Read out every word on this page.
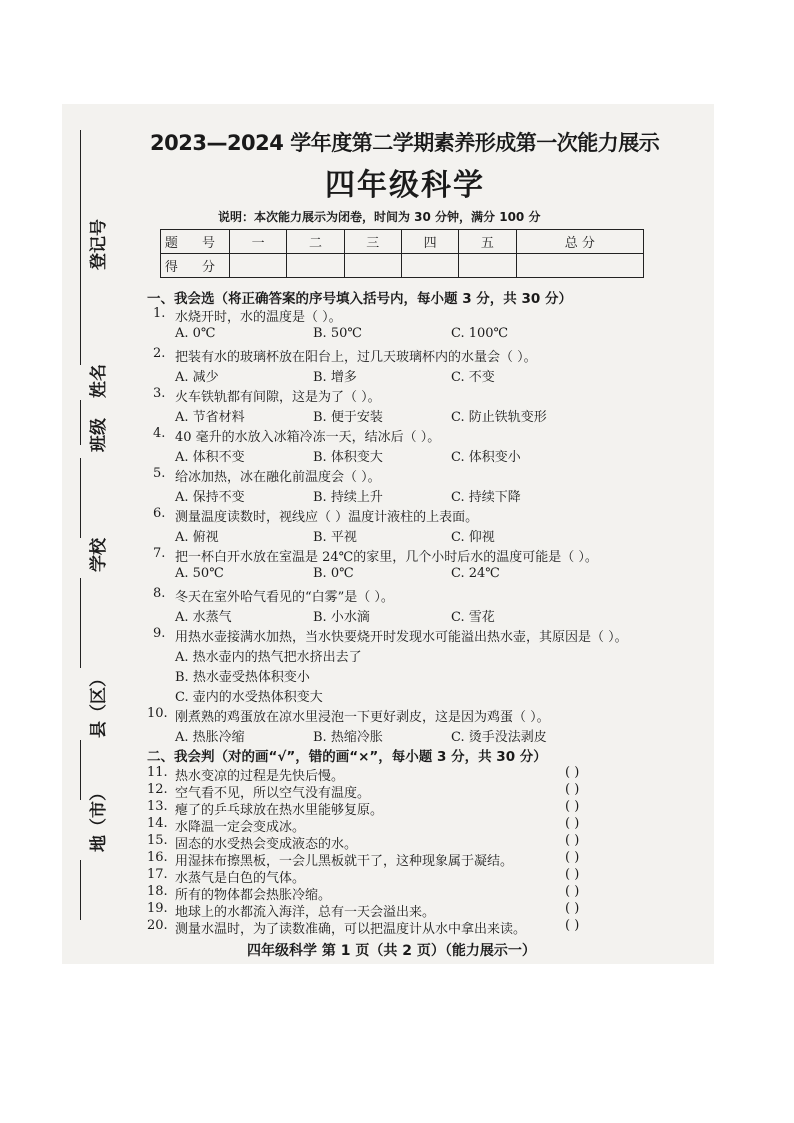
登记号
姓名
班级
学校
县（区）
地（市）
2023—2024 学年度第二学期素养形成第一次能力展示
四年级科学
说明：本次能力展示为闭卷，时间为 30 分钟，满分 100 分
题 号	一	二	三	四	五	总 分
得 分						
一、我会选（将正确答案的序号填入括号内，每小题 3 分，共 30 分）
1. 水烧开时，水的温度是（ ）。
A. 0℃	B. 50℃	C. 100℃
2. 把装有水的玻璃杯放在阳台上，过几天玻璃杯内的水量会（ ）。
A. 减少	B. 增多	C. 不变
3. 火车铁轨都有间隙，这是为了（ ）。
A. 节省材料	B. 便于安装	C. 防止铁轨变形
4. 40 毫升的水放入冰箱冷冻一天，结冰后（ ）。
A. 体积不变	B. 体积变大	C. 体积变小
5. 给冰加热，冰在融化前温度会（ ）。
A. 保持不变	B. 持续上升	C. 持续下降
6. 测量温度读数时，视线应（ ）温度计液柱的上表面。
A. 俯视	B. 平视	C. 仰视
7. 把一杯白开水放在室温是 24℃的家里，几个小时后水的温度可能是（ ）。
A. 50℃	B. 0℃	C. 24℃
8. 冬天在室外哈气看见的“白雾”是（ ）。
A. 水蒸气	B. 小水滴	C. 雪花
9. 用热水壶接满水加热，当水快要烧开时发现水可能溢出热水壶，其原因是（ ）。
A. 热水壶内的热气把水挤出去了
B. 热水壶受热体积变小
C. 壶内的水受热体积变大
10. 刚煮熟的鸡蛋放在凉水里浸泡一下更好剥皮，这是因为鸡蛋（ ）。
A. 热胀冷缩	B. 热缩冷胀	C. 烫手没法剥皮
二、我会判（对的画“√”，错的画“×”，每小题 3 分，共 30 分）
11. 热水变凉的过程是先快后慢。	( )
12. 空气看不见，所以空气没有温度。	( )
13. 瘪了的乒乓球放在热水里能够复原。	( )
14. 水降温一定会变成冰。	( )
15. 固态的水受热会变成液态的水。	( )
16. 用湿抹布擦黑板，一会儿黑板就干了，这种现象属于凝结。	( )
17. 水蒸气是白色的气体。	( )
18. 所有的物体都会热胀冷缩。	( )
19. 地球上的水都流入海洋，总有一天会溢出来。	( )
20. 测量水温时，为了读数准确，可以把温度计从水中拿出来读。	( )
四年级科学 第 1 页（共 2 页）（能力展示一）
